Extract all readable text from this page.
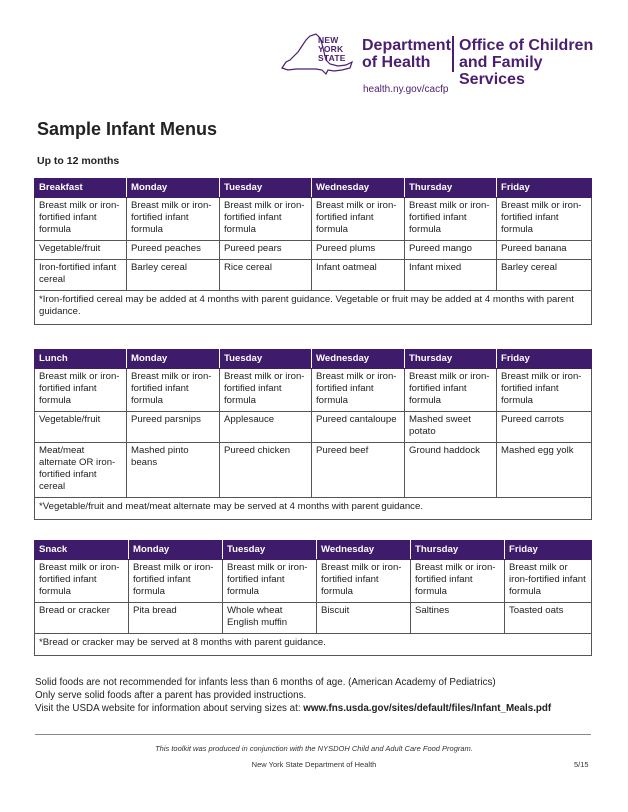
NEW
YORK
STATE
Department
of Health
Office of Children
and Family Services
health.ny.gov/cacfp
Sample Infant Menus
Up to 12 months
Breakfast	Monday	Tuesday	Wednesday	Thursday	Friday
Breast milk or iron-fortified infant formula	Breast milk or iron-fortified infant formula	Breast milk or iron-fortified infant formula	Breast milk or iron-fortified infant formula	Breast milk or iron-fortified infant formula	Breast milk or iron-fortified infant formula
Vegetable/fruit	Pureed peaches	Pureed pears	Pureed plums	Pureed mango	Pureed banana
Iron-fortified infant cereal	Barley cereal	Rice cereal	Infant oatmeal	Infant mixed	Barley cereal
*Iron-fortified cereal may be added at 4 months with parent guidance. Vegetable or fruit may be added at 4 months with parent guidance.					
Lunch	Monday	Tuesday	Wednesday	Thursday	Friday
Breast milk or iron-fortified infant formula	Breast milk or iron-fortified infant formula	Breast milk or iron-fortified infant formula	Breast milk or iron-fortified infant formula	Breast milk or iron-fortified infant formula	Breast milk or iron-fortified infant formula
Vegetable/fruit	Pureed parsnips	Applesauce	Pureed cantaloupe	Mashed sweet potato	Pureed carrots
Meat/meat alternate OR iron-fortified infant cereal	Mashed pinto beans	Pureed chicken	Pureed beef	Ground haddock	Mashed egg yolk
*Vegetable/fruit and meat/meat alternate may be served at 4 months with parent guidance.					
Snack	Monday	Tuesday	Wednesday	Thursday	Friday
Breast milk or iron-fortified infant formula	Breast milk or iron-fortified infant formula	Breast milk or iron-fortified infant formula	Breast milk or iron-fortified infant formula	Breast milk or iron-fortified infant formula	Breast milk or iron-fortified infant formula
Bread or cracker	Pita bread	Whole wheat English muffin	Biscuit	Saltines	Toasted oats
*Bread or cracker may be served at 8 months with parent guidance.					
Solid foods are not recommended for infants less than 6 months of age. (American Academy of Pediatrics)
Only serve solid foods after a parent has provided instructions.
Visit the USDA website for information about serving sizes at: www.fns.usda.gov/sites/default/files/Infant_Meals.pdf
This toolkit was produced in conjunction with the NYSDOH Child and Adult Care Food Program.
New York State Department of Health	5/15
